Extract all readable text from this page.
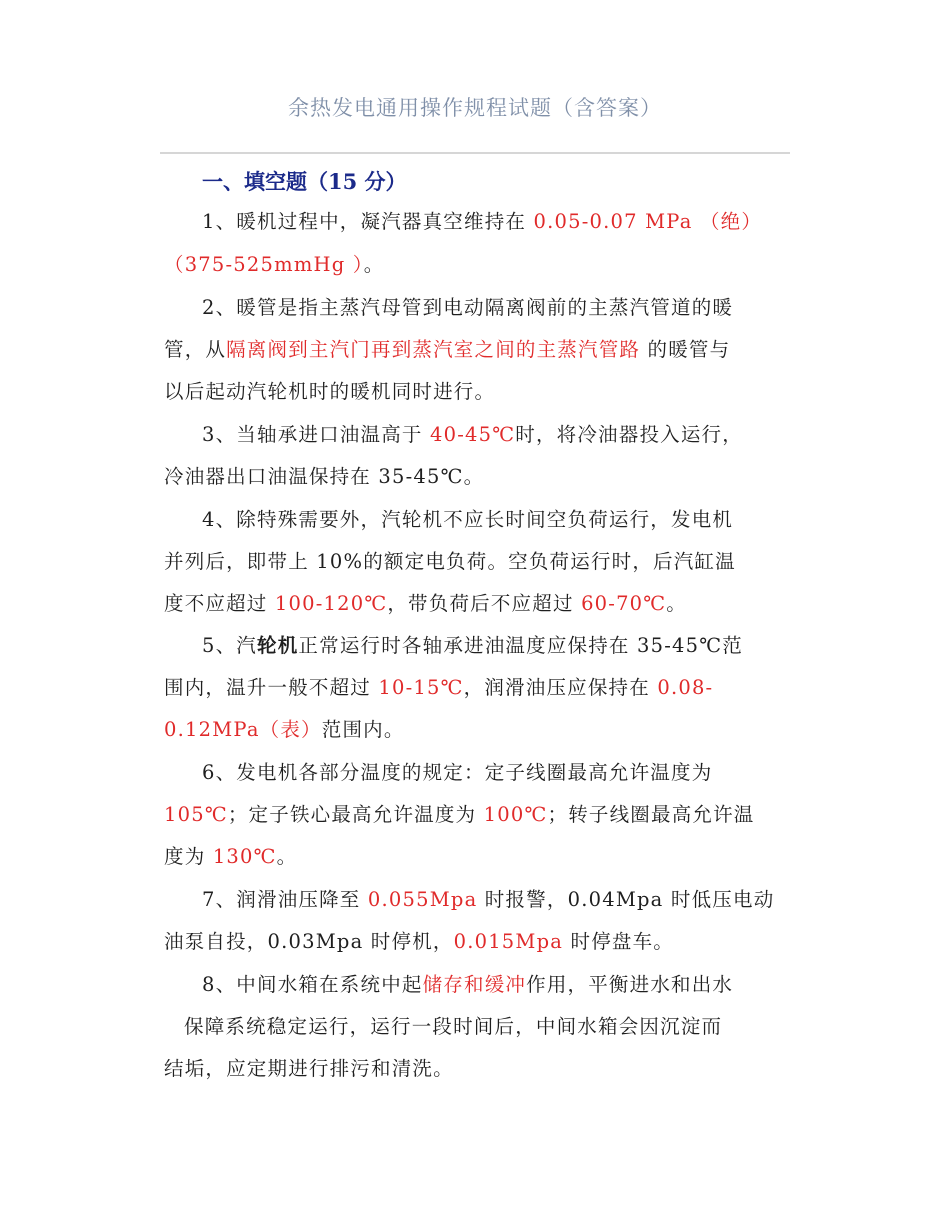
余热发电通用操作规程试题（含答案）
一、填空题（15 分）
1、暖机过程中，凝汽器真空维持在 0.05-0.07 MPa （绝）
（375-525mmHg ）。
2、暖管是指主蒸汽母管到电动隔离阀前的主蒸汽管道的暖
管，从隔离阀到主汽门再到蒸汽室之间的主蒸汽管路 的暖管与
以后起动汽轮机时的暖机同时进行。
3、当轴承进口油温高于 40-45℃时，将冷油器投入运行，
冷油器出口油温保持在 35-45℃。
4、除特殊需要外，汽轮机不应长时间空负荷运行，发电机
并列后，即带上 10%的额定电负荷。空负荷运行时，后汽缸温
度不应超过 100-120℃，带负荷后不应超过 60-70℃。
5、汽轮机正常运行时各轴承进油温度应保持在 35-45℃范
围内，温升一般不超过 10-15℃，润滑油压应保持在 0.08-
0.12MPa（表）范围内。
6、发电机各部分温度的规定：定子线圈最高允许温度为
105℃；定子铁心最高允许温度为 100℃；转子线圈最高允许温
度为 130℃。
7、润滑油压降至 0.055Mpa 时报警，0.04Mpa 时低压电动
油泵自投，0.03Mpa 时停机，0.015Mpa 时停盘车。
8、中间水箱在系统中起储存和缓冲作用，平衡进水和出水
保障系统稳定运行，运行一段时间后，中间水箱会因沉淀而
结垢，应定期进行排污和清洗。
